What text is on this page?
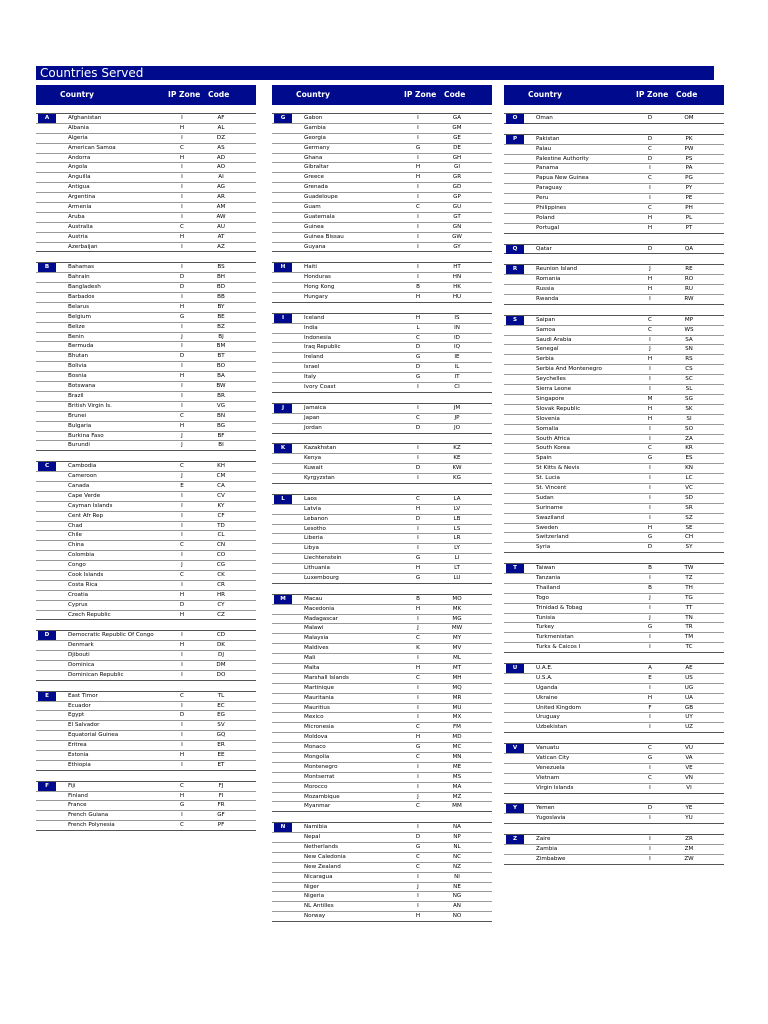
Countries Served
Country	IP Zone Code
A	Afghanistan	I	AF
Albania	H	AL
Algeria	I	DZ
American Samoa	C	AS
Andorra	H	AD
Angola	I	AO
Anguilla	I	AI
Antigua	I	AG
Argentina	I	AR
Armenia	I	AM
Aruba	I	AW
Australia	C	AU
Austria	H	AT
Azerbaijan	I	AZ
B	Bahamas	I	BS
Bahrain	D	BH
Bangladesh	D	BD
Barbados	I	BB
Belarus	H	BY
Belgium	G	BE
Belize	I	BZ
Benin	J	BJ
Bermuda	I	BM
Bhutan	D	BT
Bolivia	I	BO
Bosnia	H	BA
Botswana	I	BW
Brazil	I	BR
British Virgin Is.	I	VG
Brunei	C	BN
Bulgaria	H	BG
Burkina Faso	J	BF
Burundi	J	BI
C	Cambodia	C	KH
Cameroon	J	CM
Canada	E	CA
Cape Verde	I	CV
Cayman Islands	I	KY
Cent Afr Rep	I	CF
Chad	I	TD
Chile	I	CL
China	C	CN
Colombia	I	CO
Congo	J	CG
Cook Islands	C	CK
Costa Rica	I	CR
Croatia	H	HR
Cyprus	D	CY
Czech Republic	H	CZ
D	Democratic Republic Of Congo	I	CD
Denmark	H	DK
Djibouti	I	DJ
Dominica	I	DM
Dominican Republic	I	DO
E	East Timor	C	TL
Ecuador	I	EC
Egypt	D	EG
El Salvador	I	SV
Equatorial Guinea	I	GQ
Eritrea	I	ER
Estonia	H	EE
Ethiopia	I	ET
F	Fiji	C	FJ
Finland	H	FI
France	G	FR
French Guiana	I	GF
French Polynesia	C	PF
Country	IP Zone Code
G	Gabon	I	GA
Gambia	I	GM
Georgia	I	GE
Germany	G	DE
Ghana	I	GH
Gibraltar	H	GI
Greece	H	GR
Grenada	I	GD
Guadeloupe	I	GP
Guam	C	GU
Guatemala	I	GT
Guinea	I	GN
Guinea Bissau	I	GW
Guyana	I	GY
H	Haiti	I	HT
Honduras	I	HN
Hong Kong	B	HK
Hungary	H	HU
I	Iceland	H	IS
India	L	IN
Indonesia	C	ID
Iraq Republic	D	IQ
Ireland	G	IE
Israel	D	IL
Italy	G	IT
Ivory Coast	I	CI
J	Jamaica	I	JM
Japan	C	JP
Jordan	D	JO
K	Kazakhstan	I	KZ
Kenya	I	KE
Kuwait	D	KW
Kyrgyzstan	I	KG
L	Laos	C	LA
Latvia	H	LV
Lebanon	D	LB
Lesotho	I	LS
Liberia	I	LR
Libya	I	LY
Liechtenstein	G	LI
Lithuania	H	LT
Luxembourg	G	LU
M	Macau	B	MO
Macedonia	H	MK
Madagascar	I	MG
Malawi	J	MW
Malaysia	C	MY
Maldives	K	MV
Mali	I	ML
Malta	H	MT
Marshall Islands	C	MH
Martinique	I	MQ
Mauritania	I	MR
Mauritius	I	MU
Mexico	I	MX
Micronesia	C	FM
Moldova	H	MD
Monaco	G	MC
Mongolia	C	MN
Montenegro	I	ME
Montserrat	I	MS
Morocco	I	MA
Mozambique	J	MZ
Myanmar	C	MM
N	Namibia	I	NA
Nepal	D	NP
Netherlands	G	NL
New Caledonia	C	NC
New Zealand	C	NZ
Nicaragua	I	NI
Niger	J	NE
Nigeria	I	NG
NL Antilles	I	AN
Norway	H	NO
Country	IP Zone Code
O	Oman	D	OM
P	Pakistan	D	PK
Palau	C	PW
Palestine Authority	D	PS
Panama	I	PA
Papua New Guinea	C	PG
Paraguay	I	PY
Peru	I	PE
Philippines	C	PH
Poland	H	PL
Portugal	H	PT
Q	Qatar	D	QA
R	Reunion Island	J	RE
Romania	H	RO
Russia	H	RU
Rwanda	I	RW
S	Saipan	C	MP
Samoa	C	WS
Saudi Arabia	I	SA
Senegal	J	SN
Serbia	H	RS
Serbia And Montenegro	I	CS
Seychelles	I	SC
Sierra Leone	I	SL
Singapore	M	SG
Slovak Republic	H	SK
Slovenia	H	SI
Somalia	I	SO
South Africa	I	ZA
South Korea	C	KR
Spain	G	ES
St Kitts & Nevis	I	KN
St. Lucia	I	LC
St. Vincent	I	VC
Sudan	I	SD
Suriname	I	SR
Swaziland	I	SZ
Sweden	H	SE
Switzerland	G	CH
Syria	D	SY
T	Taiwan	B	TW
Tanzania	I	TZ
Thailand	B	TH
Togo	J	TG
Trinidad & Tobag	I	TT
Tunisia	J	TN
Turkey	G	TR
Turkmenistan	I	TM
Turks & Caicos I	I	TC
U	U.A.E.	A	AE
U.S.A.	E	US
Uganda	I	UG
Ukraine	H	UA
United Kingdom	F	GB
Uruguay	I	UY
Uzbekistan	I	UZ
V	Vanuatu	C	VU
Vatican City	G	VA
Venezuela	I	VE
Vietnam	C	VN
Virgin Islands	I	VI
Y	Yemen	D	YE
Yugoslavia	I	YU
Z	Zaire	I	ZR
Zambia	I	ZM
Zimbabwe	I	ZW
